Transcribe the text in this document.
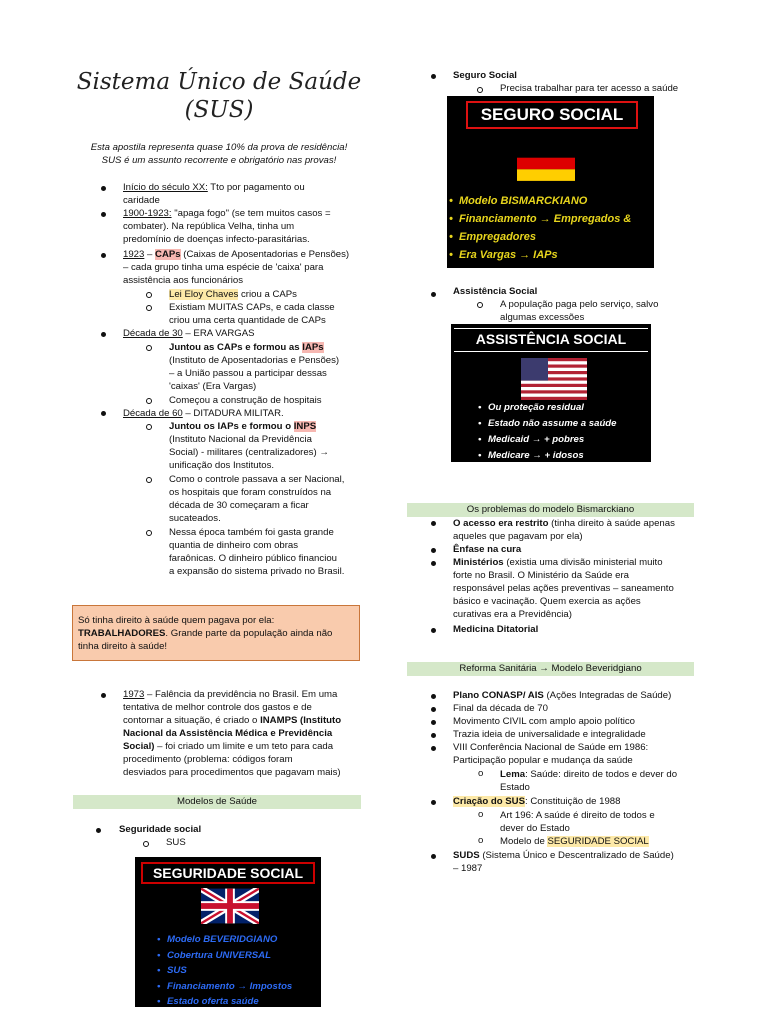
Sistema Único de Saúde
(SUS)
Esta apostila representa quase 10% da prova de residência!
SUS é um assunto recorrente e obrigatório nas provas!
Início do século XX: Tto por pagamento ou
caridade
1900-1923: "apaga fogo" (se tem muitos casos =
combater). Na república Velha, tinha um
predomínio de doenças infecto-parasitárias.
1923 – CAPs (Caixas de Aposentadorias e Pensões)
– cada grupo tinha uma espécie de 'caixa' para
assistência aos funcionários
Lei Eloy Chaves criou a CAPs
Existiam MUITAS CAPs, e cada classe
criou uma certa quantidade de CAPs
Década de 30 – ERA VARGAS
Juntou as CAPs e formou as IAPs
(Instituto de Aposentadorias e Pensões)
– a União passou a participar dessas
'caixas' (Era Vargas)
Começou a construção de hospitais
Década de 60 – DITADURA MILITAR.
Juntou os IAPs e formou o INPS
(Instituto Nacional da Previdência
Social) - militares (centralizadores) →
unificação dos Institutos.
Como o controle passava a ser Nacional,
os hospitais que foram construídos na
década de 30 começaram a ficar
sucateados.
Nessa época também foi gasta grande
quantia de dinheiro com obras
faraônicas. O dinheiro público financiou
a expansão do sistema privado no Brasil.
Só tinha direito à saúde quem pagava por ela:
TRABALHADORES. Grande parte da população ainda não
tinha direito à saúde!
1973 – Falência da previdência no Brasil. Em uma
tentativa de melhor controle dos gastos e de
contornar a situação, é criado o INAMPS (Instituto
Nacional da Assistência Médica e Previdência
Social) – foi criado um limite e um teto para cada
procedimento (problema: códigos foram
desviados para procedimentos que pagavam mais)
Modelos de Saúde
Seguridade social
SUS
SEGURIDADE SOCIAL
• Modelo BEVERIDGIANO
• Cobertura UNIVERSAL
• SUS
• Financiamento → Impostos
• Estado oferta saúde
Seguro Social
Precisa trabalhar para ter acesso a saúde
SEGURO SOCIAL
• Modelo BISMARCKIANO
• Financiamento → Empregados &
• Empregadores
• Era Vargas → IAPs
Assistência Social
A população paga pelo serviço, salvo
algumas excessões
ASSISTÊNCIA SOCIAL
• Ou proteção residual
• Estado não assume a saúde
• Medicaid → + pobres
• Medicare → + idosos
Os problemas do modelo Bismarckiano
O acesso era restrito (tinha direito à saúde apenas
aqueles que pagavam por ela)
Ênfase na cura
Ministérios (existia uma divisão ministerial muito
forte no Brasil. O Ministério da Saúde era
responsável pelas ações preventivas – saneamento
básico e vacinação. Quem exercia as ações
curativas era a Previdência)
Medicina Ditatorial
Reforma Sanitária → Modelo Beveridgiano
Plano CONASP/ AIS (Ações Integradas de Saúde)
Final da década de 70
Movimento CIVIL com amplo apoio político
Trazia ideia de universalidade e integralidade
VIII Conferência Nacional de Saúde em 1986:
Participação popular e mudança da saúde
o Lema: Saúde: direito de todos e dever do
Estado
Criação do SUS: Constituição de 1988
o Art 196: A saúde é direito de todos e
dever do Estado
o Modelo de SEGURIDADE SOCIAL
SUDS (Sistema Único e Descentralizado de Saúde)
– 1987
